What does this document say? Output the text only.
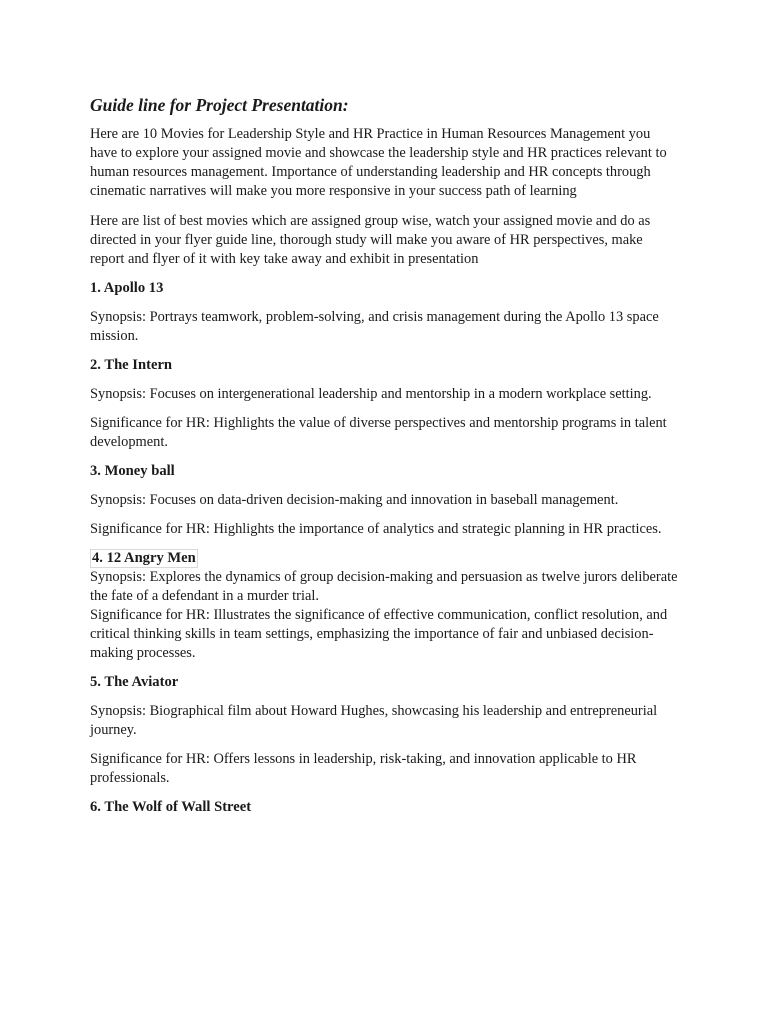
Guide line for Project Presentation:

Here are 10 Movies for Leadership Style and HR Practice in Human Resources Management you have to explore your assigned movie and showcase the leadership style and HR practices relevant to human resources management. Importance of understanding leadership and HR concepts through cinematic narratives will make you more responsive in your success path of learning

Here are list of best movies which are assigned group wise, watch your assigned movie and do as directed in your flyer guide line, thorough study will make you aware of HR perspectives, make report and flyer of it with key take away and exhibit in presentation

1. Apollo 13

Synopsis: Portrays teamwork, problem-solving, and crisis management during the Apollo 13 space mission.

2. The Intern

Synopsis: Focuses on intergenerational leadership and mentorship in a modern workplace setting.

Significance for HR: Highlights the value of diverse perspectives and mentorship programs in talent development.

3. Money ball

Synopsis: Focuses on data-driven decision-making and innovation in baseball management.

Significance for HR: Highlights the importance of analytics and strategic planning in HR practices.

4. 12 Angry Men

Synopsis: Explores the dynamics of group decision-making and persuasion as twelve jurors deliberate the fate of a defendant in a murder trial.

Significance for HR: Illustrates the significance of effective communication, conflict resolution, and critical thinking skills in team settings, emphasizing the importance of fair and unbiased decision-making processes.

5. The Aviator

Synopsis: Biographical film about Howard Hughes, showcasing his leadership and entrepreneurial journey.

Significance for HR: Offers lessons in leadership, risk-taking, and innovation applicable to HR professionals.

6. The Wolf of Wall Street
